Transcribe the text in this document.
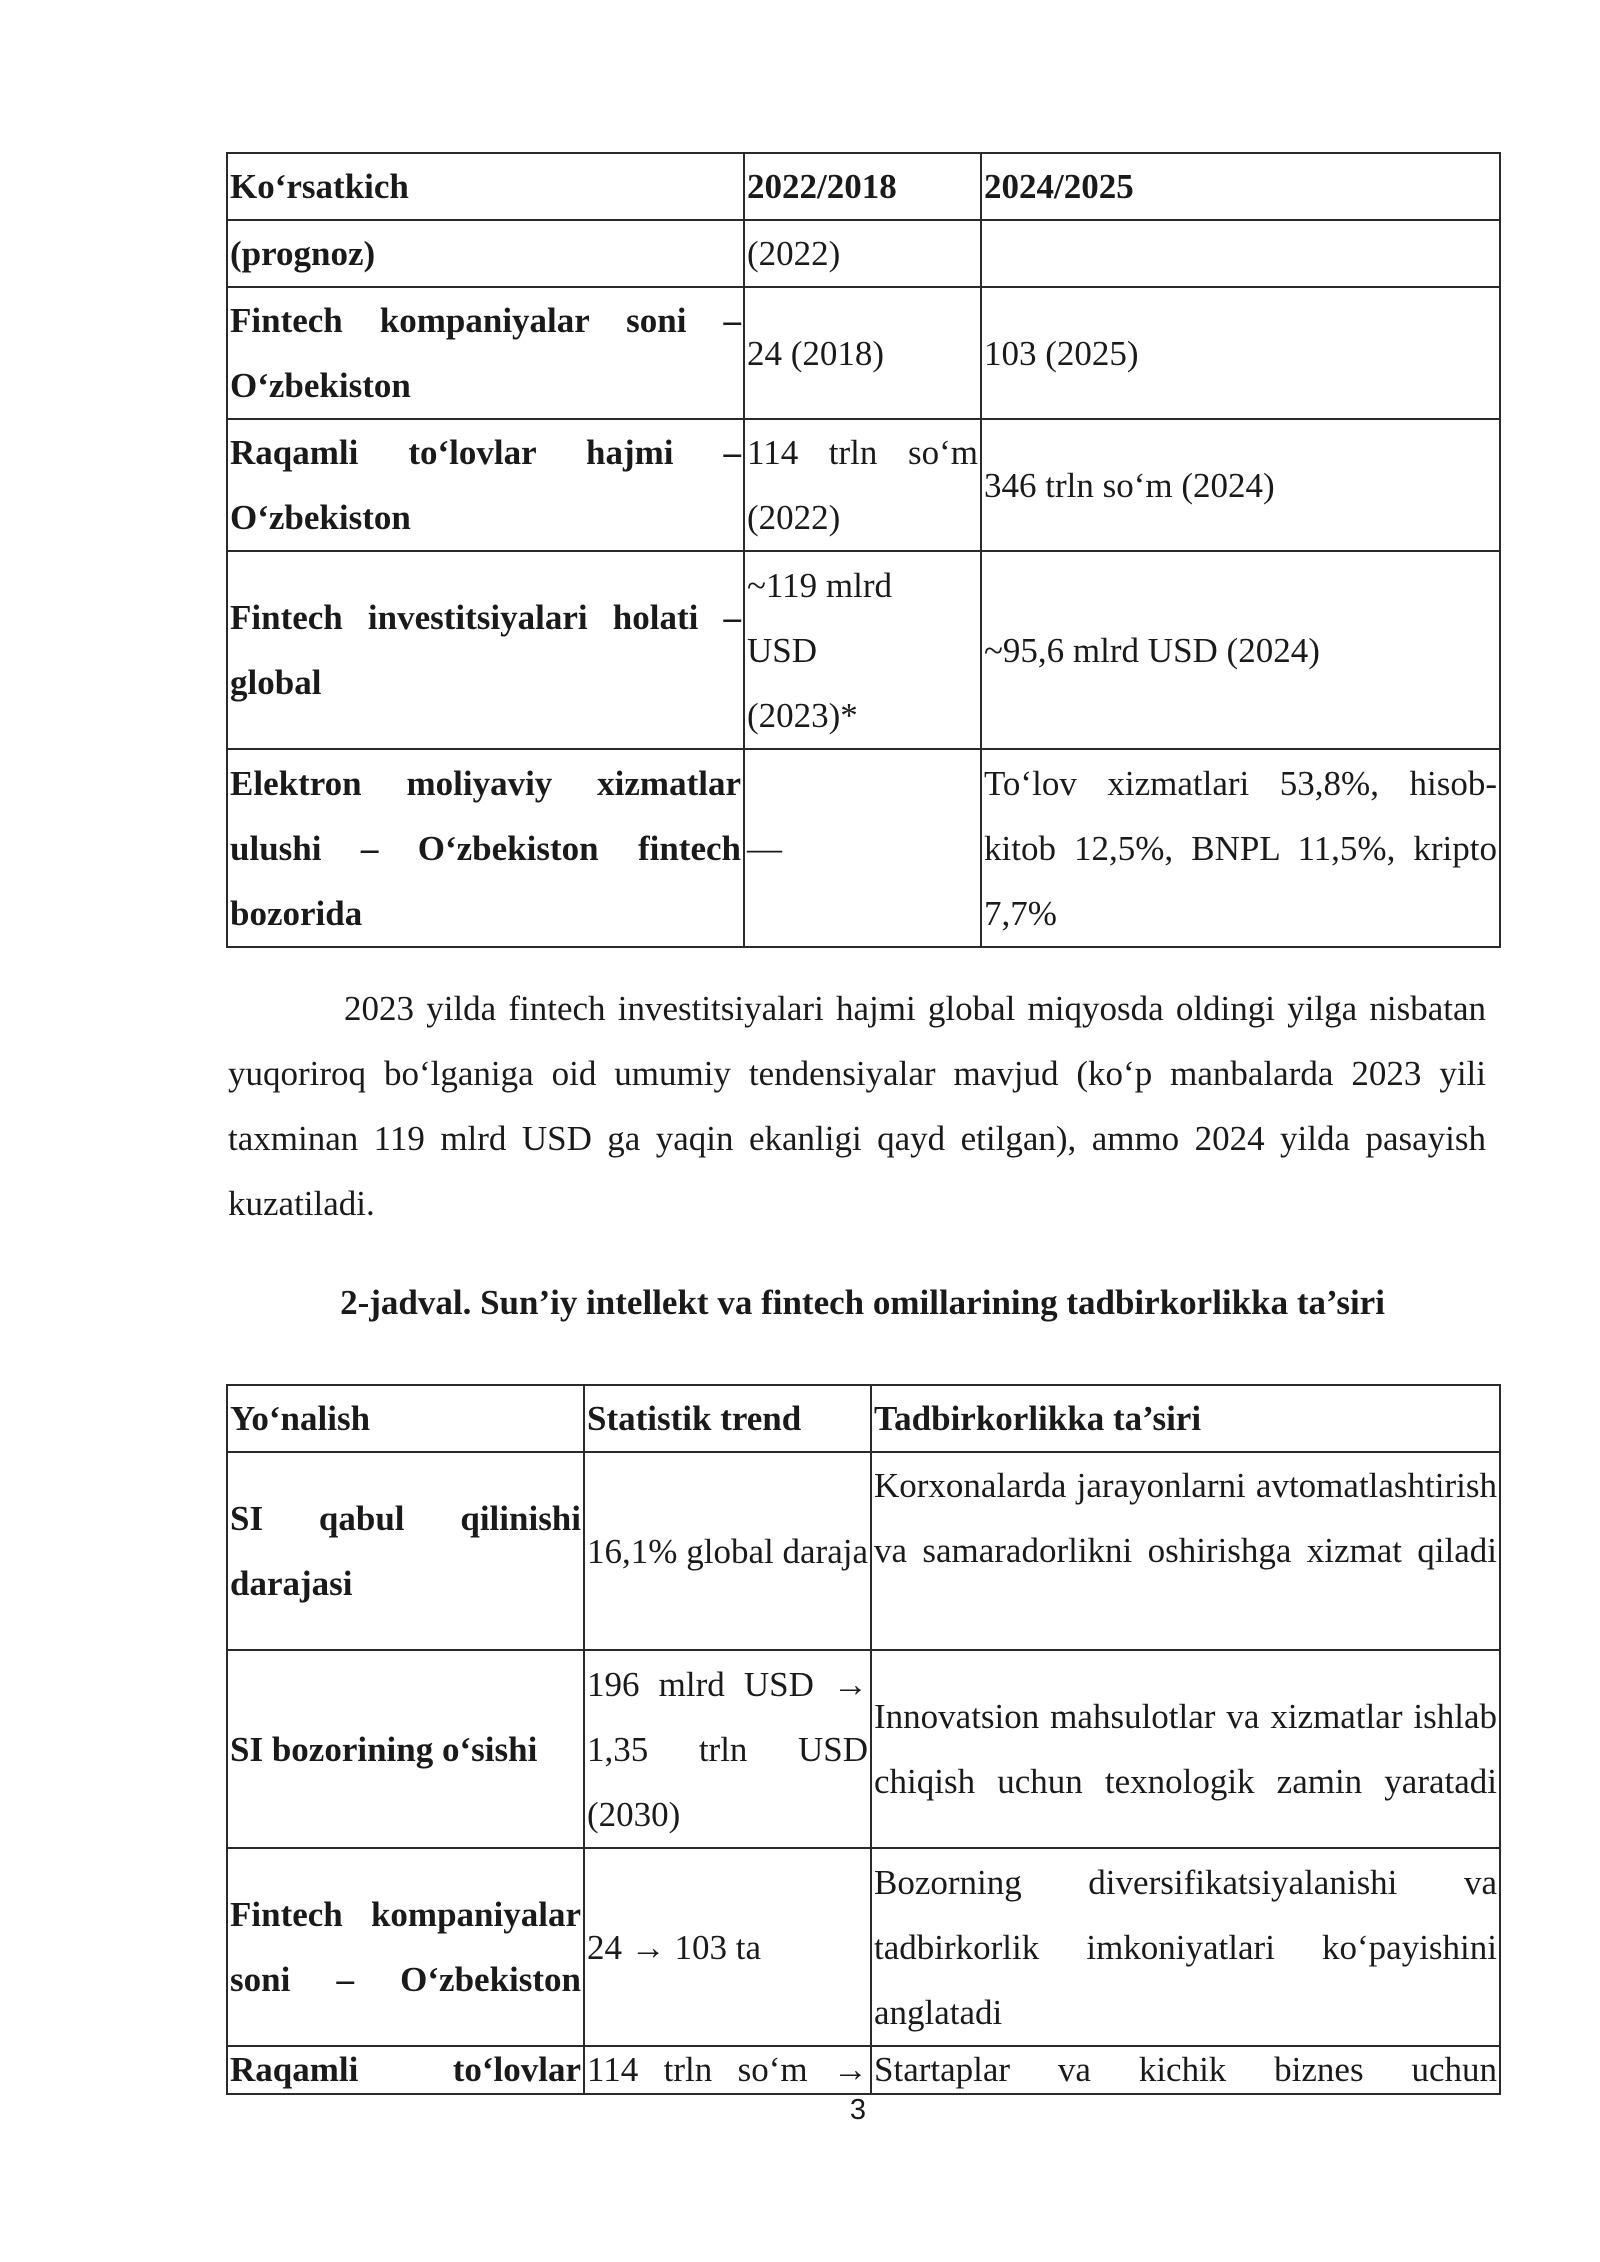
Koʻrsatkich	2022/2018	2024/2025
(prognoz)	(2022)	
Fintech kompaniyalar soni – Oʻzbekiston	24 (2018)	103 (2025)
Raqamli toʻlovlar hajmi – Oʻzbekiston	114 trln soʻm (2022)	346 trln soʻm (2024)
Fintech investitsiyalari holati – global	~119 mlrd USD (2023)*	~95,6 mlrd USD (2024)
Elektron moliyaviy xizmatlar ulushi – Oʻzbekiston fintech bozorida	—	Toʻlov xizmatlari 53,8%, hisob-kitob 12,5%, BNPL 11,5%, kripto 7,7%
2023 yilda fintech investitsiyalari hajmi global miqyosda oldingi yilga nisbatan yuqoriroq boʻlganiga oid umumiy tendensiyalar mavjud (koʻp manbalarda 2023 yili taxminan 119 mlrd USD ga yaqin ekanligi qayd etilgan), ammo 2024 yilda pasayish kuzatiladi.
2-jadval. Sun’iy intellekt va fintech omillarining tadbirkorlikka ta’siri
Yoʻnalish	Statistik trend	Tadbirkorlikka ta’siri
SI qabul qilinishi darajasi	16,1% global daraja	Korxonalarda jarayonlarni avtomatlashtirish va samaradorlikni oshirishga xizmat qiladi
SI bozorining oʻsishi	196 mlrd USD → 1,35 trln USD (2030)	Innovatsion mahsulotlar va xizmatlar ishlab chiqish uchun texnologik zamin yaratadi
Fintech kompaniyalar soni – Oʻzbekiston	24 → 103 ta	Bozorning diversifikatsiyalanishi va tadbirkorlik imkoniyatlari koʻpayishini anglatadi
Raqamli toʻlovlar	114 trln soʻm →	Startaplar va kichik biznes uchun
3
